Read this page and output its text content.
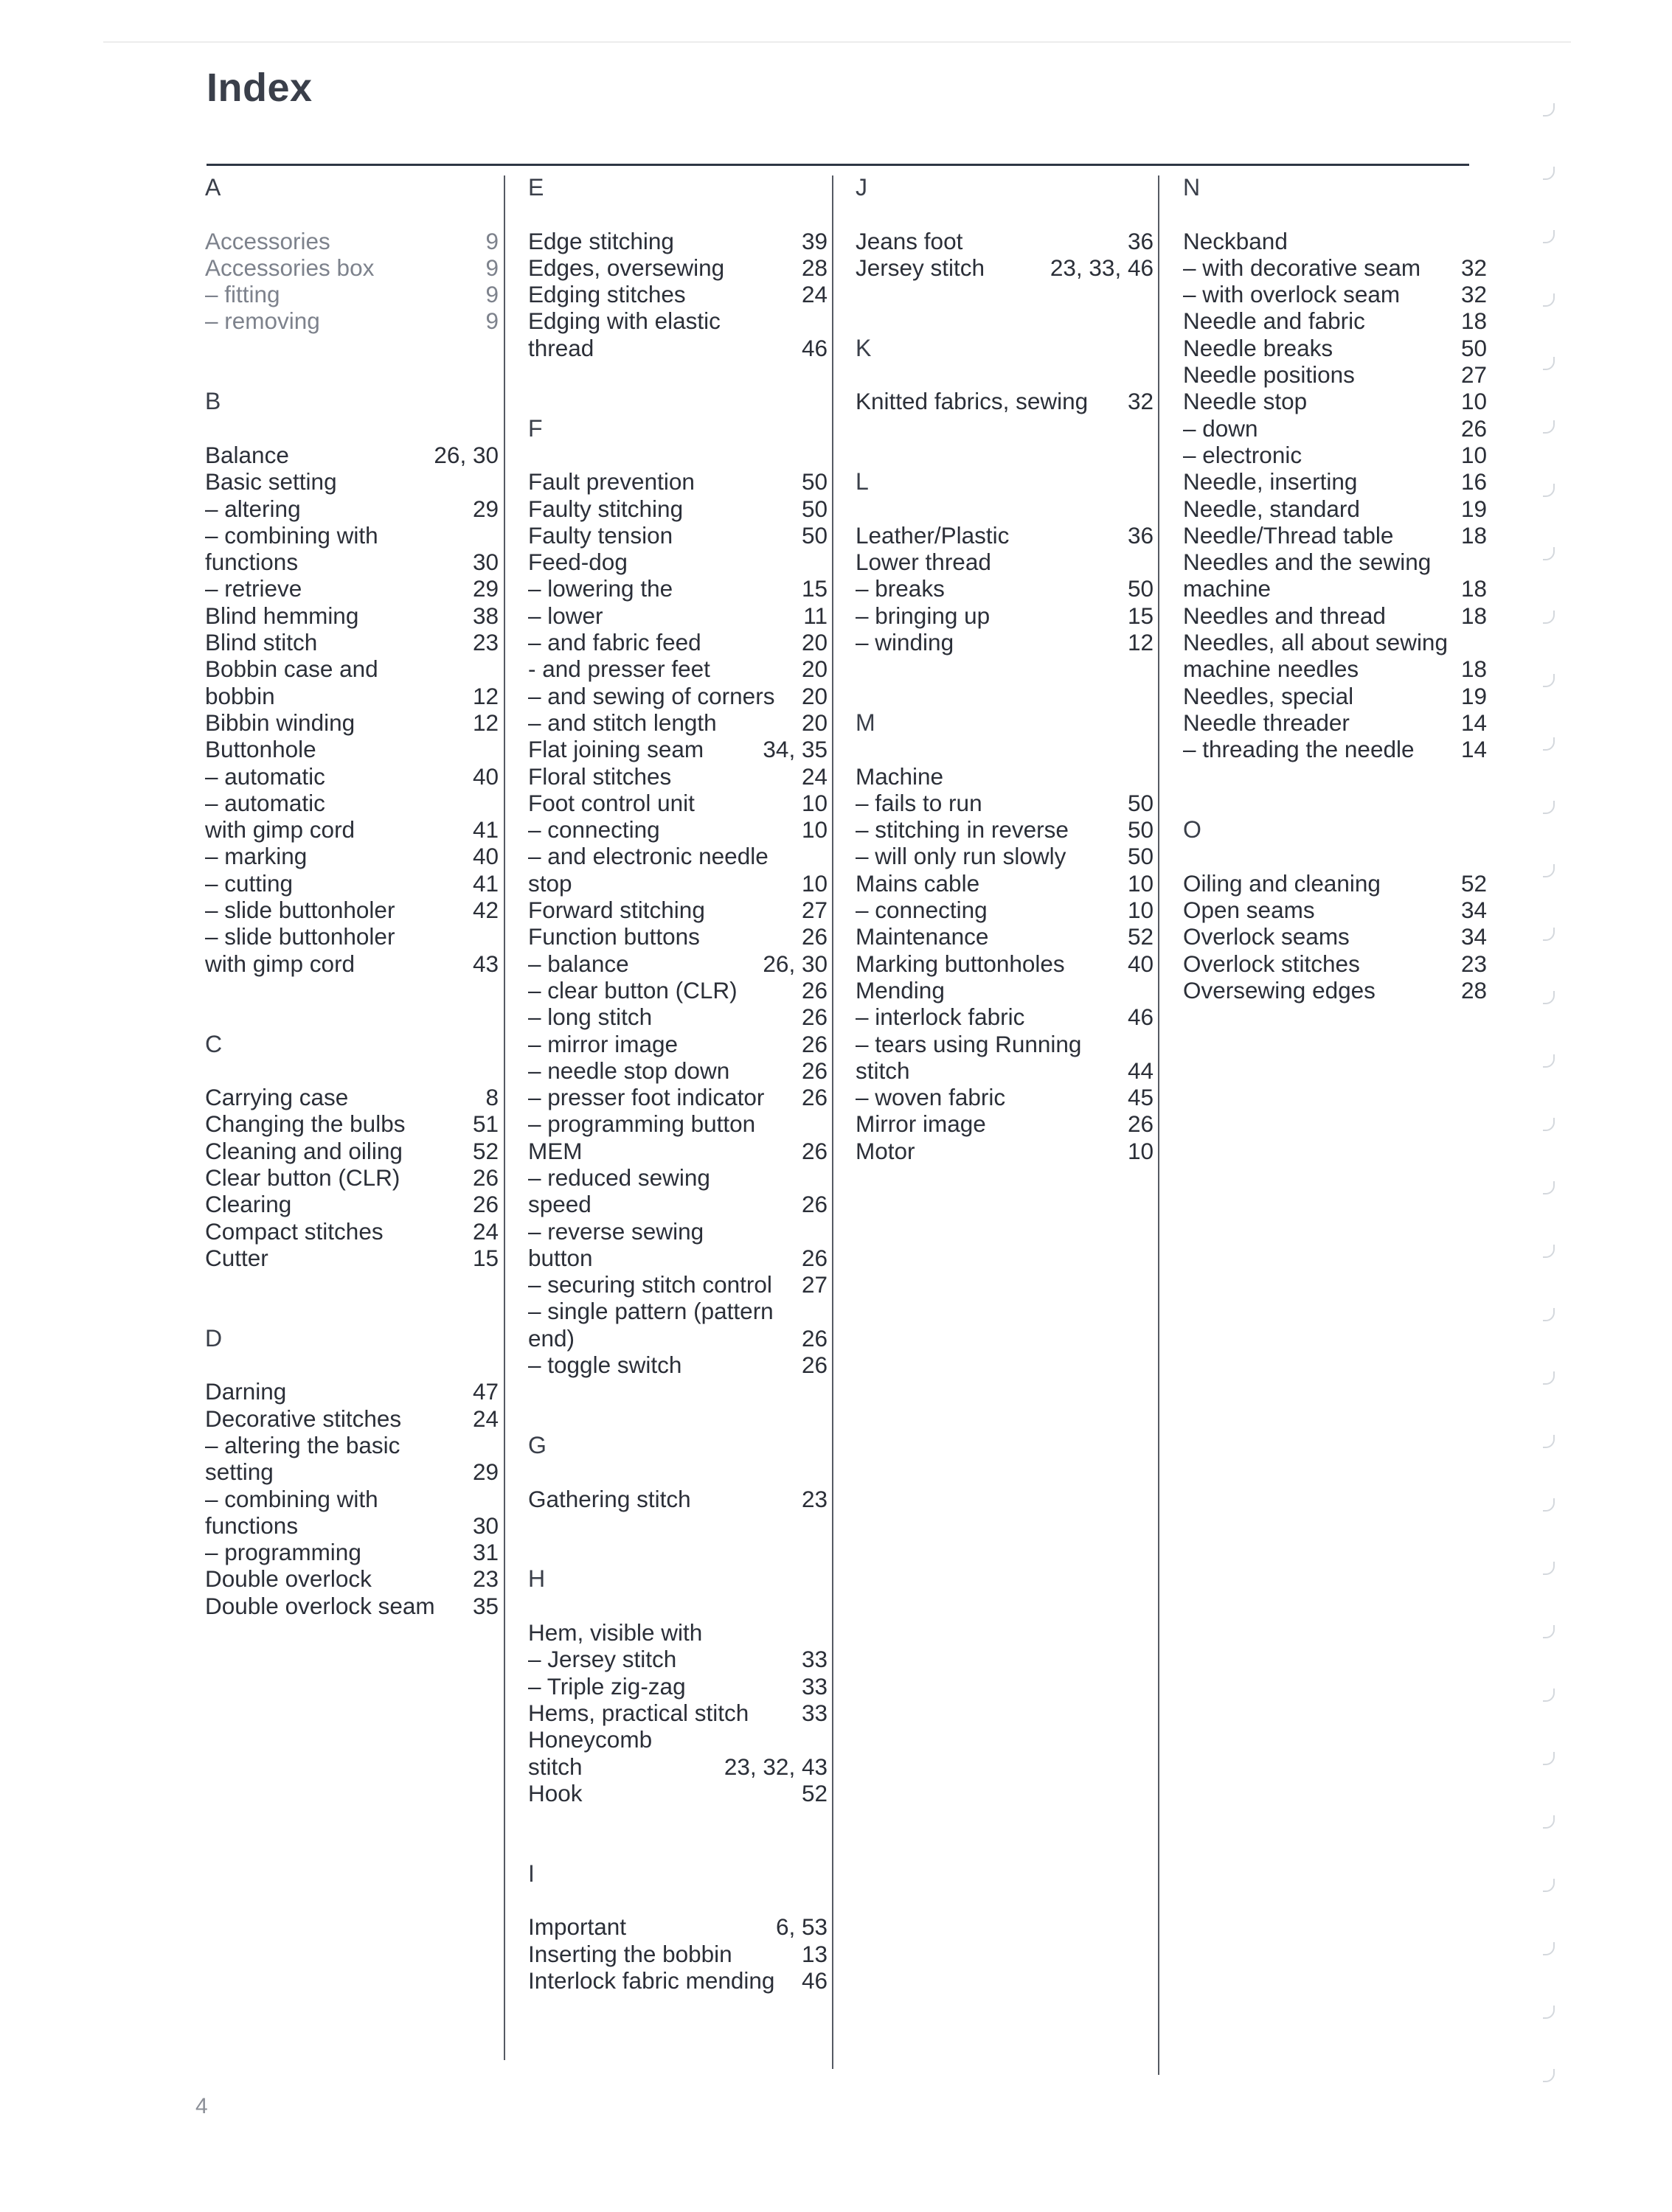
Index
A
Accessories	9
Accessories box	9
– fitting	9
– removing	9
B
Balance	26, 30
Basic setting
– altering	29
– combining with
functions	30
– retrieve	29
Blind hemming	38
Blind stitch	23
Bobbin case and
bobbin	12
Bibbin winding	12
Buttonhole
– automatic	40
– automatic
with gimp cord	41
– marking	40
– cutting	41
– slide buttonholer	42
– slide buttonholer
with gimp cord	43
C
Carrying case	8
Changing the bulbs	51
Cleaning and oiling	52
Clear button (CLR)	26
Clearing	26
Compact stitches	24
Cutter	15
D
Darning	47
Decorative stitches	24
– altering the basic
setting	29
– combining with
functions	30
– programming	31
Double overlock	23
Double overlock seam 35
E
Edge stitching	39
Edges, oversewing	28
Edging stitches	24
Edging with elastic
thread	46
F
Fault prevention	50
Faulty stitching	50
Faulty tension	50
Feed-dog
– lowering the	15
– lower	11
– and fabric feed	20
- and presser feet	20
– and sewing of corners 20
– and stitch length	20
Flat joining seam	34, 35
Floral stitches	24
Foot control unit	10
– connecting	10
– and electronic needle
stop	10
Forward stitching	27
Function buttons	26
– balance	26, 30
– clear button (CLR)	26
– long stitch	26
– mirror image	26
– needle stop down	26
– presser foot indicator 26
– programming button
MEM	26
– reduced sewing
speed	26
– reverse sewing
button	26
– securing stitch control 27
– single pattern (pattern
end)	26
– toggle switch	26
G
Gathering stitch	23
H
Hem, visible with
– Jersey stitch	33
– Triple zig-zag	33
Hems, practical stitch 33
Honeycomb
stitch	23, 32, 43
Hook	52
I
Important	6, 53
Inserting the bobbin	13
Interlock fabric mending 46
J
Jeans foot	36
Jersey stitch	23, 33, 46
K
Knitted fabrics, sewing 32
L
Leather/Plastic	36
Lower thread
– breaks	50
– bringing up	15
– winding	12
M
Machine
– fails to run	50
– stitching in reverse	50
– will only run slowly	50
Mains cable	10
– connecting	10
Maintenance	52
Marking buttonholes	40
Mending
– interlock fabric	46
– tears using Running
stitch	44
– woven fabric	45
Mirror image	26
Motor	10
N
Neckband
– with decorative seam 32
– with overlock seam	32
Needle and fabric	18
Needle breaks	50
Needle positions	27
Needle stop	10
– down	26
– electronic	10
Needle, inserting	16
Needle, standard	19
Needle/Thread table	18
Needles and the sewing
machine	18
Needles and thread	18
Needles, all about sewing
machine needles	18
Needles, special	19
Needle threader	14
– threading the needle 14
O
Oiling and cleaning	52
Open seams	34
Overlock seams	34
Overlock stitches	23
Oversewing edges	28
4
